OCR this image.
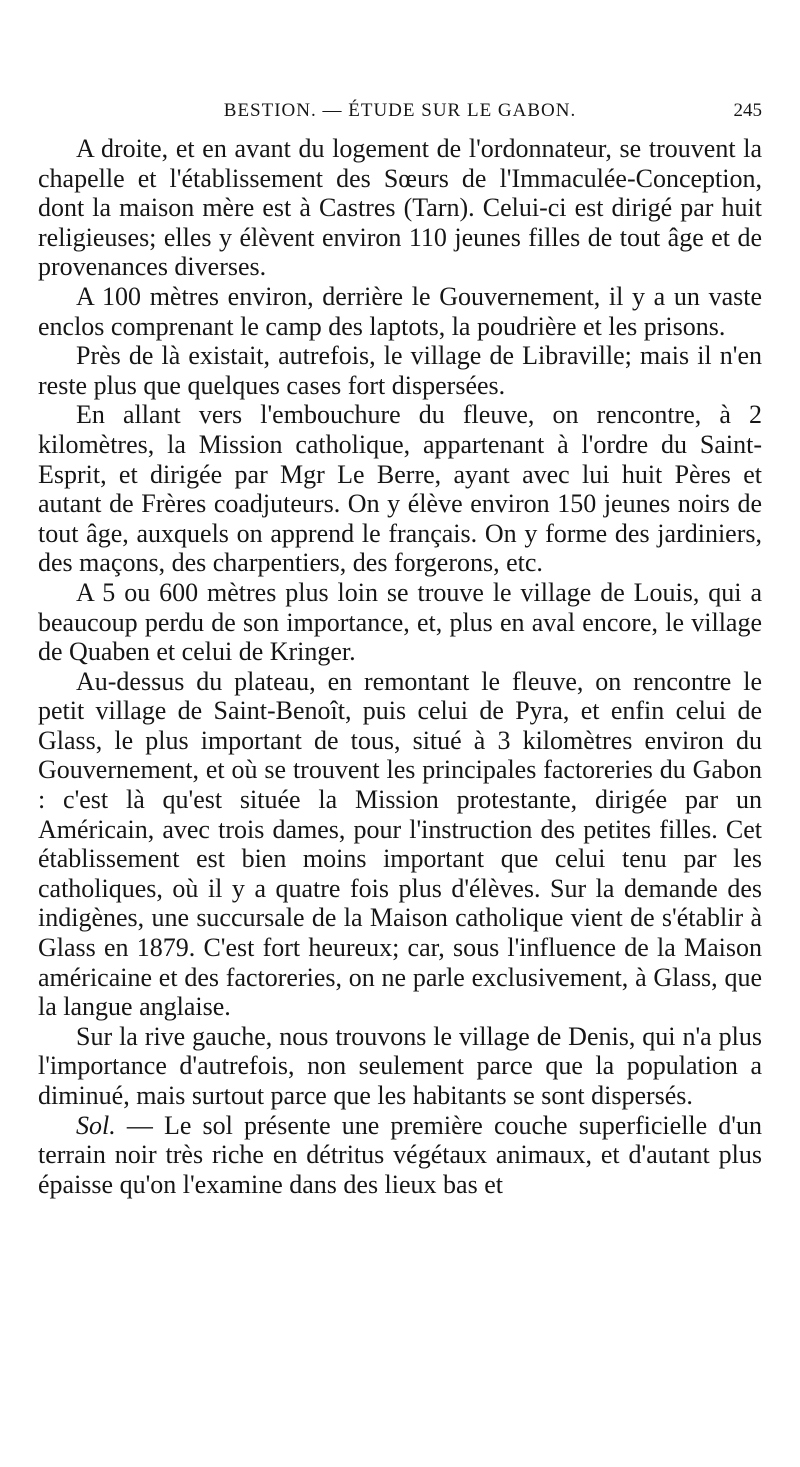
BESTION. — ÉTUDE SUR LE GABON.	245

A droite, et en avant du logement de l'ordonnateur, se trouvent la chapelle et l'établissement des Sœurs de l'Immaculée-Conception, dont la maison mère est à Castres (Tarn). Celui-ci est dirigé par huit religieuses; elles y élèvent environ 110 jeunes filles de tout âge et de provenances diverses.

A 100 mètres environ, derrière le Gouvernement, il y a un vaste enclos comprenant le camp des laptots, la poudrière et les prisons.

Près de là existait, autrefois, le village de Libraville; mais il n'en reste plus que quelques cases fort dispersées.

En allant vers l'embouchure du fleuve, on rencontre, à 2 kilomètres, la Mission catholique, appartenant à l'ordre du Saint-Esprit, et dirigée par Mgr Le Berre, ayant avec lui huit Pères et autant de Frères coadjuteurs. On y élève environ 150 jeunes noirs de tout âge, auxquels on apprend le français. On y forme des jardiniers, des maçons, des charpentiers, des forgerons, etc.

A 5 ou 600 mètres plus loin se trouve le village de Louis, qui a beaucoup perdu de son importance, et, plus en aval encore, le village de Quaben et celui de Kringer.

Au-dessus du plateau, en remontant le fleuve, on rencontre le petit village de Saint-Benoît, puis celui de Pyra, et enfin celui de Glass, le plus important de tous, situé à 3 kilomètres environ du Gouvernement, et où se trouvent les principales factoreries du Gabon : c'est là qu'est située la Mission protestante, dirigée par un Américain, avec trois dames, pour l'instruction des petites filles. Cet établissement est bien moins important que celui tenu par les catholiques, où il y a quatre fois plus d'élèves. Sur la demande des indigènes, une succursale de la Maison catholique vient de s'établir à Glass en 1879. C'est fort heureux; car, sous l'influence de la Maison américaine et des factoreries, on ne parle exclusivement, à Glass, que la langue anglaise.

Sur la rive gauche, nous trouvons le village de Denis, qui n'a plus l'importance d'autrefois, non seulement parce que la population a diminué, mais surtout parce que les habitants se sont dispersés.

Sol. — Le sol présente une première couche superficielle d'un terrain noir très riche en détritus végétaux animaux, et d'autant plus épaisse qu'on l'examine dans des lieux bas et
